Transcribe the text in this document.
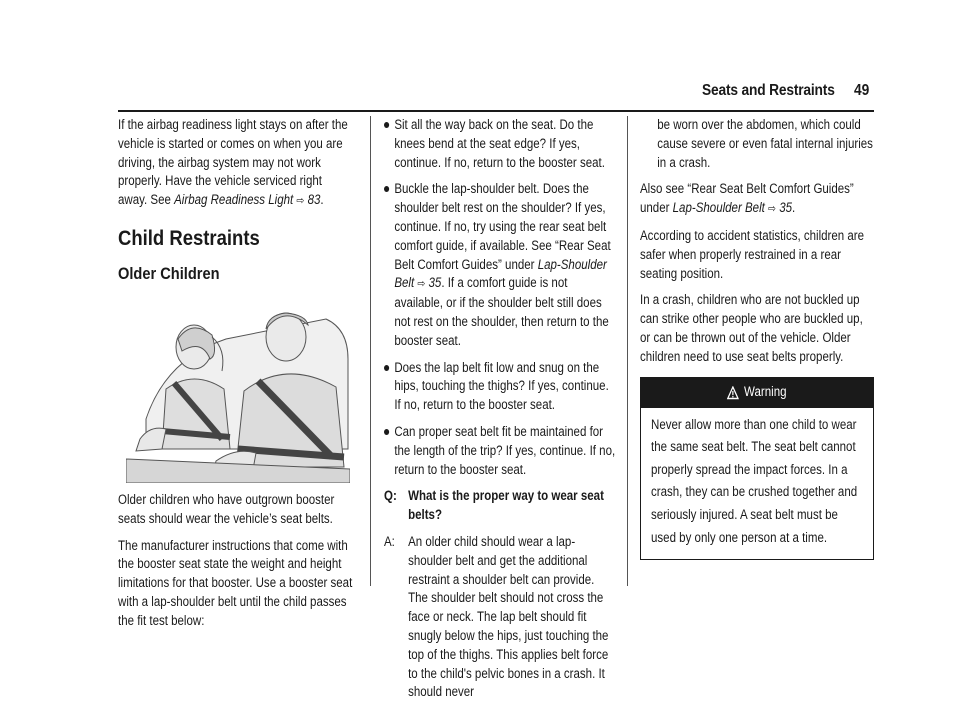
Seats and Restraints 49

If the airbag readiness light stays on after the vehicle is started or comes on when you are driving, the airbag system may not work properly. Have the vehicle serviced right away. See Airbag Readiness Light ⇨ 83.

Child Restraints
Older Children

Older children who have outgrown booster seats should wear the vehicle’s seat belts.

The manufacturer instructions that come with the booster seat state the weight and height limitations for that booster. Use a booster seat with a lap-shoulder belt until the child passes the fit test below:

Sit all the way back on the seat. Do the knees bend at the seat edge? If yes, continue. If no, return to the booster seat.
Buckle the lap-shoulder belt. Does the shoulder belt rest on the shoulder? If yes, continue. If no, try using the rear seat belt comfort guide, if available. See “Rear Seat Belt Comfort Guides” under Lap-Shoulder Belt ⇨ 35. If a comfort guide is not available, or if the shoulder belt still does not rest on the shoulder, then return to the booster seat.
Does the lap belt fit low and snug on the hips, touching the thighs? If yes, continue. If no, return to the booster seat.
Can proper seat belt fit be maintained for the length of the trip? If yes, continue. If no, return to the booster seat.
Q: What is the proper way to wear seat belts?
A: An older child should wear a lap-shoulder belt and get the additional restraint a shoulder belt can provide. The shoulder belt should not cross the face or neck. The lap belt should fit snugly below the hips, just touching the top of the thighs. This applies belt force to the child's pelvic bones in a crash. It should never

be worn over the abdomen, which could cause severe or even fatal internal injuries in a crash.

Also see “Rear Seat Belt Comfort Guides” under Lap-Shoulder Belt ⇨ 35.

According to accident statistics, children are safer when properly restrained in a rear seating position.

In a crash, children who are not buckled up can strike other people who are buckled up, or can be thrown out of the vehicle. Older children need to use seat belts properly.

Warning
Never allow more than one child to wear the same seat belt. The seat belt cannot properly spread the impact forces. In a crash, they can be crushed together and seriously injured. A seat belt must be used by only one person at a time.
